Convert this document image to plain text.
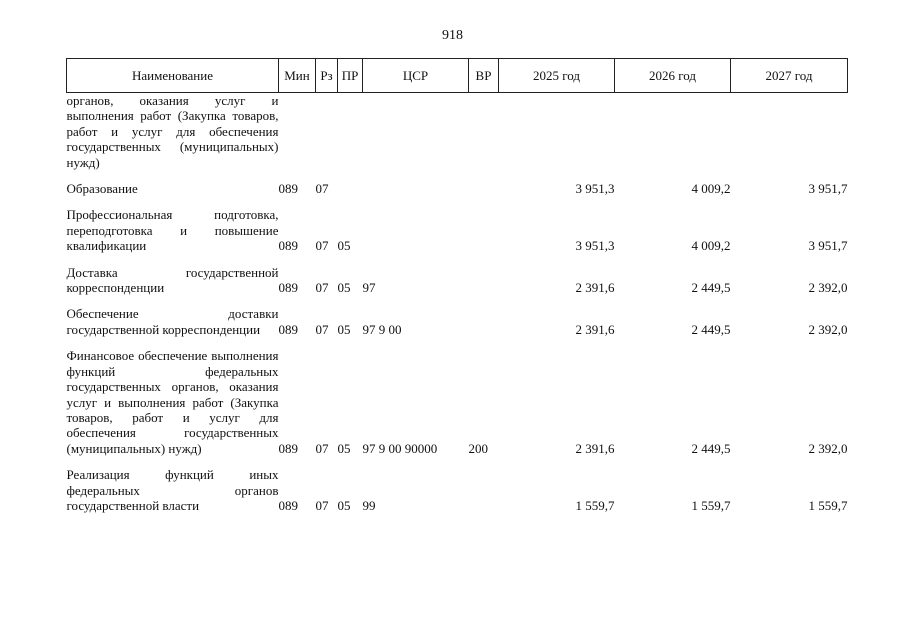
918
Наименование	Мин	Рз	ПР	ЦСР	ВР	2025 год	2026 год	2027 год
органов, оказания услуг и выполнения работ (Закупка товаров, работ и услуг для обеспечения государственных (муниципальных) нужд)								

Образование	089	07				3 951,3	4 009,2	3 951,7

Профессиональная подготовка, переподготовка и повышение квалификации	089	07	05			3 951,3	4 009,2	3 951,7

Доставка государственной корреспонденции	089	07	05	97		2 391,6	2 449,5	2 392,0

Обеспечение доставки государственной корреспонденции	089	07	05	97 9 00		2 391,6	2 449,5	2 392,0

Финансовое обеспечение выполнения функций федеральных государственных органов, оказания услуг и выполнения работ (Закупка товаров, работ и услуг для обеспечения государственных (муниципальных) нужд)	089	07	05	97 9 00 90000	200	2 391,6	2 449,5	2 392,0

Реализация функций иных федеральных органов государственной власти	089	07	05	99		1 559,7	1 559,7	1 559,7
